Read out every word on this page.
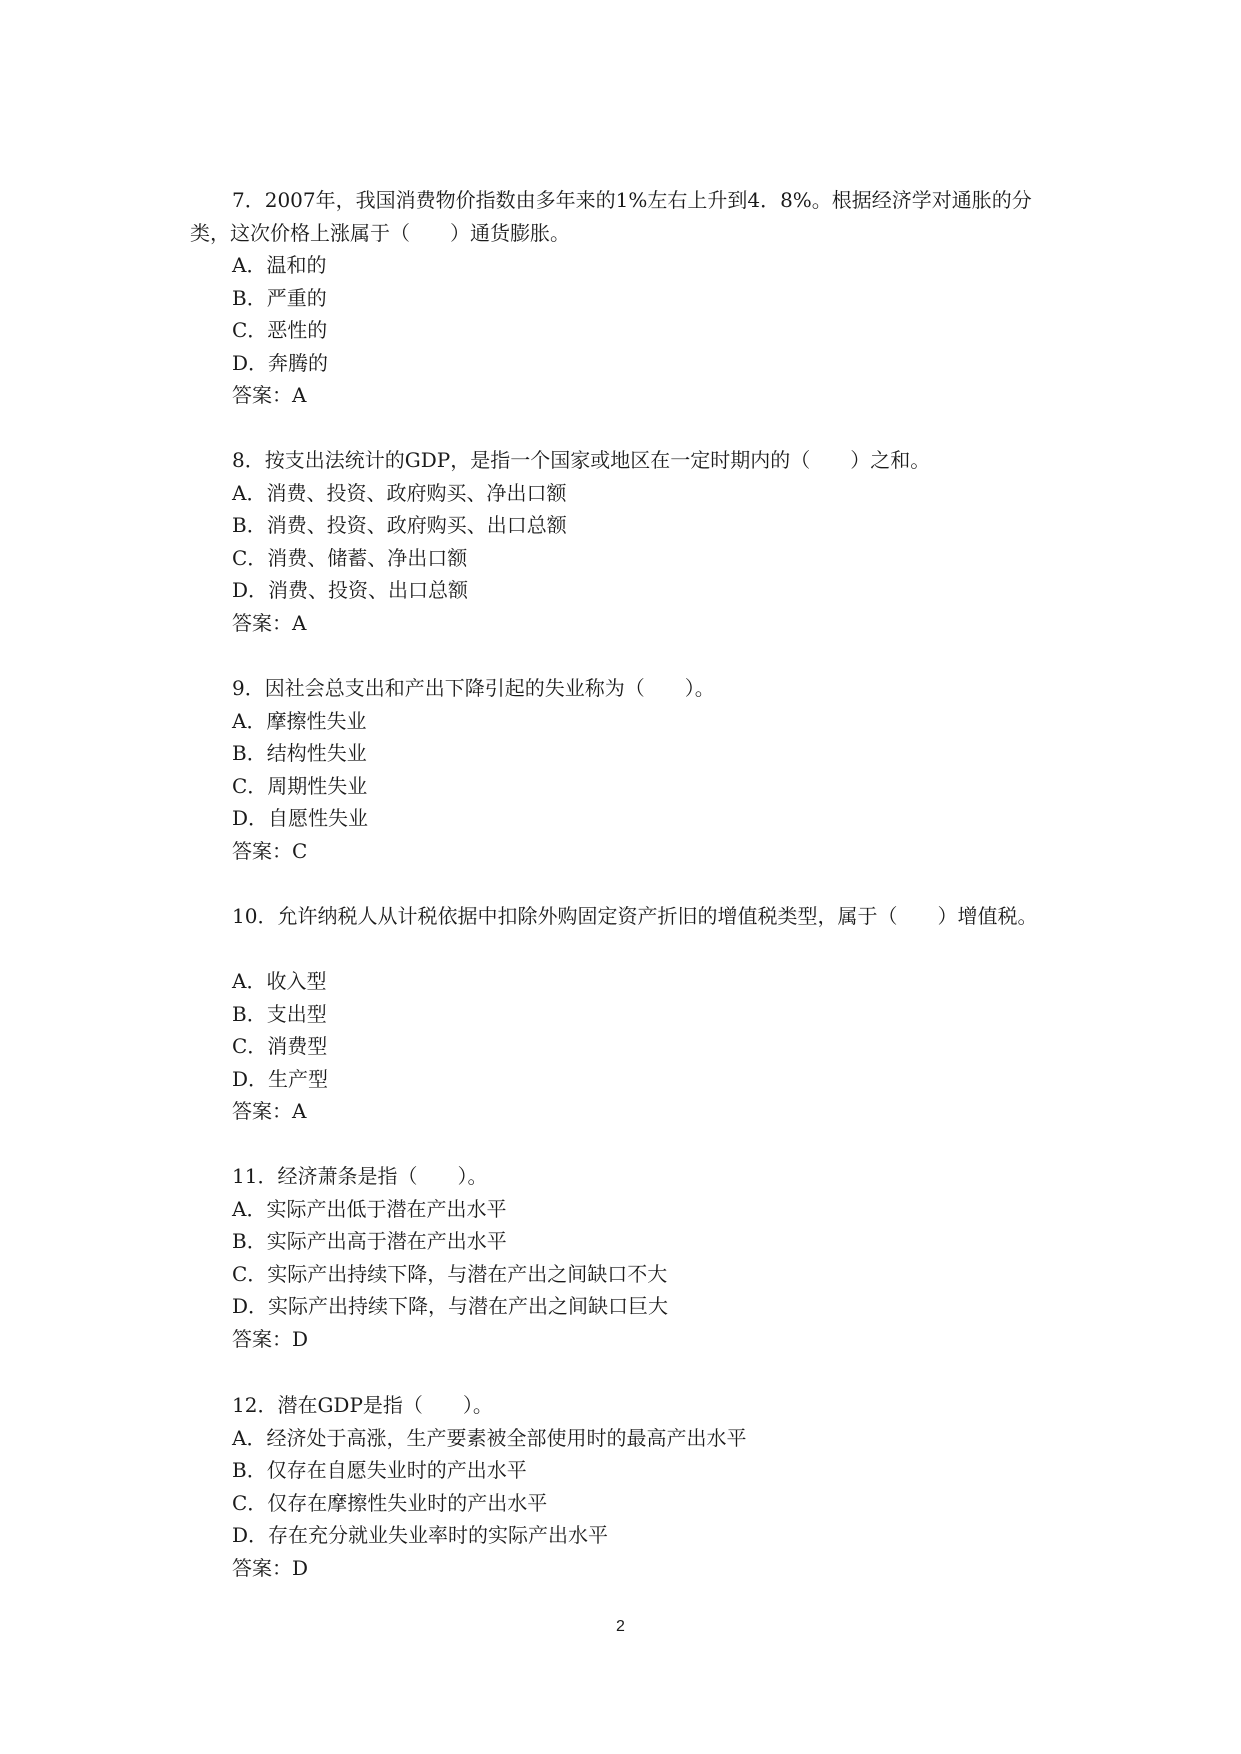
7．2007年，我国消费物价指数由多年来的1%左右上升到4．8%。根据经济学对通胀的分类，这次价格上涨属于（　　）通货膨胀。
A．温和的
B．严重的
C．恶性的
D．奔腾的
答案：A
8．按支出法统计的GDP，是指一个国家或地区在一定时期内的（　　）之和。
A．消费、投资、政府购买、净出口额
B．消费、投资、政府购买、出口总额
C．消费、储蓄、净出口额
D．消费、投资、出口总额
答案：A
9．因社会总支出和产出下降引起的失业称为（　　）。
A．摩擦性失业
B．结构性失业
C．周期性失业
D．自愿性失业
答案：C
10．允许纳税人从计税依据中扣除外购固定资产折旧的增值税类型，属于（　　）增值税。
A．收入型
B．支出型
C．消费型
D．生产型
答案：A
11．经济萧条是指（　　）。
A．实际产出低于潜在产出水平
B．实际产出高于潜在产出水平
C．实际产出持续下降，与潜在产出之间缺口不大
D．实际产出持续下降，与潜在产出之间缺口巨大
答案：D
12．潜在GDP是指（　　）。
A．经济处于高涨，生产要素被全部使用时的最高产出水平
B．仅存在自愿失业时的产出水平
C．仅存在摩擦性失业时的产出水平
D．存在充分就业失业率时的实际产出水平
答案：D
2
